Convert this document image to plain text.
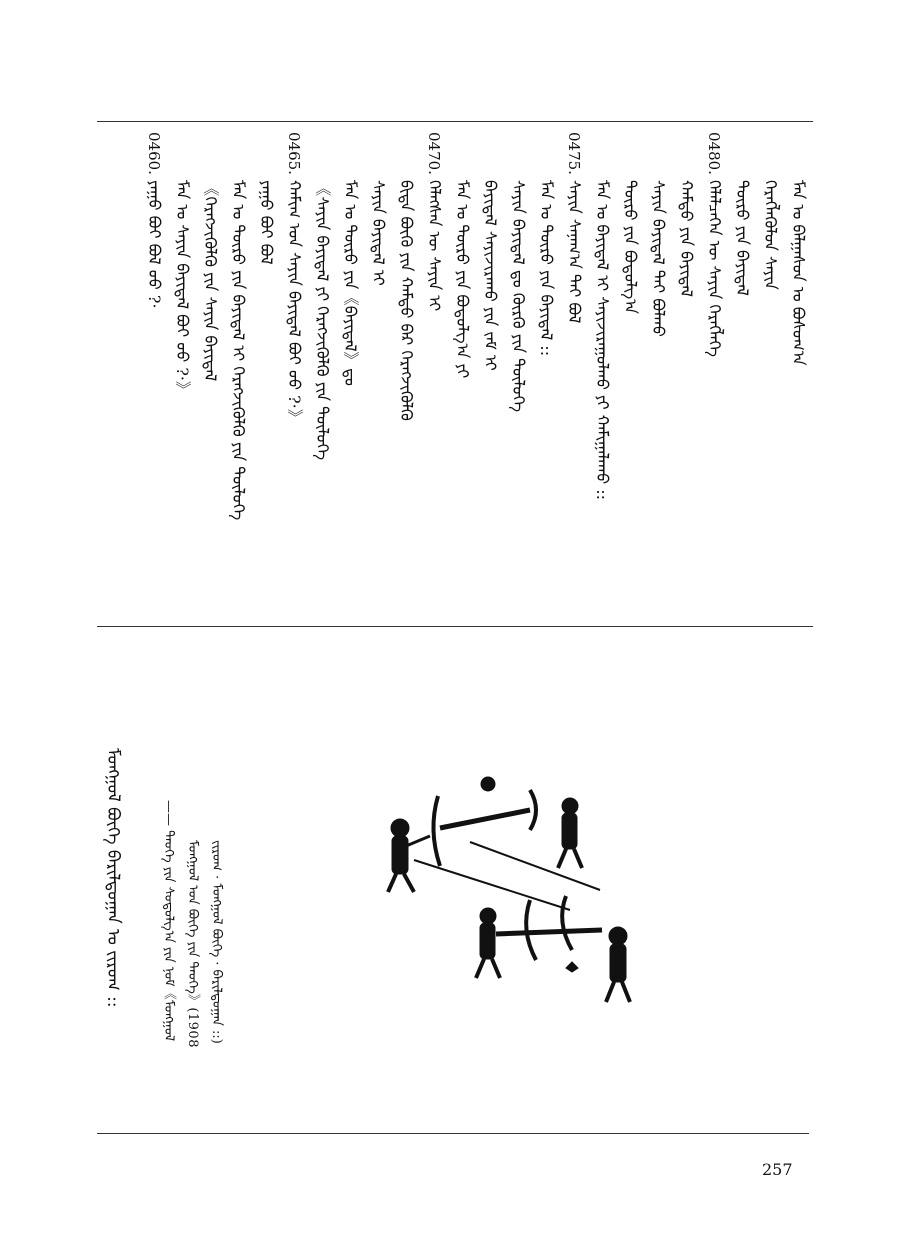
ᠮᠠᠨ ᠤ ᠪᠠᠯᠭᠠᠰᠤᠨ ᠤ ᠪᠣᠰᠤᠭ᠎ᠠ
ᠬᠡᠷᠡᠭᠯᠡᠭᠦᠯᠦᠨ ᠰᠠᠶᠢᠨ
ᠲᠥᠷᠥ ᠶᠢᠨ ᠪᠠᠶᠢᠳᠠᠯ
0480.
ᠬᠡᠯᠡᠯᠴᠡᠭᠡᠨ ᠦ ᠰᠠᠶᠢᠨ ᠬᠡᠷᠡᠭᠯᠡᠭᠡ
ᠬᠠᠮᠲᠤ ᠶᠢᠨ ᠪᠠᠶᠢᠳᠠᠯ
ᠰᠠᠶᠢᠨ ᠪᠠᠶᠢᠳᠠᠯ ᠲᠠᠢ ᠪᠣᠯᠬᠤ
ᠲᠥᠷᠥ ᠶᠢᠨ ᠪᠣᠳᠣᠯᠭ᠎ᠠ
ᠮᠠᠨ ᠤ ᠪᠠᠶᠢᠳᠠᠯ ᠢ ᠰᠠᠶᠢᠵᠢᠷᠠᠭᠤᠯᠬᠤ ᠶᠢ ᠬᠠᠮᠢᠭᠠᠯᠠᠬᠤ ::
0475.
ᠰᠠᠶᠢᠨ ᠰᠠᠨᠠᠭ᠎ᠠ ᠲᠠᠢ ᠪᠣᠯ
ᠮᠠᠨ ᠤ ᠲᠥᠷᠥ ᠶᠢᠨ ᠪᠠᠶᠢᠳᠠᠯ ::
ᠰᠠᠶᠢᠨ ᠪᠠᠶᠢᠳᠠᠯ ᠳᠤ ᠬᠦᠷᠬᠦ ᠶᠢᠨ ᠲᠥᠯᠥᠭᠡ
ᠪᠠᠶᠢᠳᠠᠯ ᠰᠠᠶᠢᠵᠢᠷᠠᠬᠤ ᠶᠢᠨ ᠵᠠᠮ ᠢ
ᠮᠠᠨ ᠤ ᠲᠥᠷᠥ ᠶᠢᠨ ᠪᠣᠳᠣᠯᠭ᠎ᠠ ᠶᠢ
0470.
ᠬᠡᠯᠡᠭᠰᠡᠨ ᠦ ᠰᠠᠶᠢᠨ ᠢ
ᠪᠢᠳᠡ ᠪᠦᠬᠦ ᠶᠢᠨ ᠬᠠᠮᠲᠤ ᠪᠠᠷ ᠬᠡᠷᠡᠭᠵᠢᠭᠦᠯᠬᠦ
ᠰᠠᠶᠢᠨ ᠪᠠᠶᠢᠳᠠᠯ ᠢ
ᠮᠠᠨ ᠤ ᠲᠥᠷᠥ ᠶᠢᠨ《ᠪᠠᠶᠢᠳᠠᠯ》ᠳᠤ
《ᠰᠠᠶᠢᠨ ᠪᠠᠶᠢᠳᠠᠯ ᠶᠢ ᠬᠡᠷᠡᠭᠵᠢᠭᠦᠯᠬᠦ ᠶᠢᠨ ᠲᠥᠯᠥᠭᠡ
0465.
ᠬᠠᠮᠢᠭ ᠤᠨ ᠰᠠᠶᠢᠨ ᠪᠠᠶᠢᠳᠠᠯ ᠪᠣᠢ ᠤᠤ ?·》
ᠶᠠᠭᠤ ᠪᠣᠢ ᠪᠣᠯ
ᠮᠠᠨ ᠤ ᠲᠥᠷᠥ ᠶᠢᠨ ᠪᠠᠶᠢᠳᠠᠯ ᠢ ᠬᠡᠷᠡᠭᠵᠢᠭᠦᠯᠬᠦ ᠶᠢᠨ ᠲᠥᠯᠥᠭᠡ
《ᠬᠡᠷᠡᠭᠵᠢᠭᠦᠯᠬᠦ ᠶᠢᠨ ᠰᠠᠶᠢᠨ ᠪᠠᠶᠢᠳᠠᠯ
ᠮᠠᠨ ᠤ ᠰᠠᠶᠢᠨ ᠪᠠᠶᠢᠳᠠᠯ ᠪᠣᠢ ᠤᠤ ?·》
0460.
ᠶᠠᠭᠤ ᠪᠣᠢ ᠪᠣᠯ ᠤᠤ ?·
ᠵᠢᠷᠤᠭ · ᠮᠣᠩᠭᠣᠯ ᠪᠥᠬᠡ · ᠪᠠᠷᠢᠯᠳᠤᠭᠠᠨ ::)
ᠮᠣᠩᠭᠣᠯ ᠤᠨ ᠪᠥᠬᠡ ᠶᠢᠨ ᠲᠡᠦᠬᠡ》(1908
—— ᠲᠡᠦᠬᠡ ᠶᠢᠨ ᠰᠤᠳᠤᠯᠭ᠎ᠠ ᠶᠢᠨ ᠨᠣᠮ《ᠮᠣᠩᠭᠣᠯ
ᠮᠣᠩᠭᠣᠯ ᠪᠥᠬᠡ ᠪᠠᠷᠢᠯᠳᠤᠭᠠᠨ ᠤ ᠵᠢᠷᠤᠭ ::
257
